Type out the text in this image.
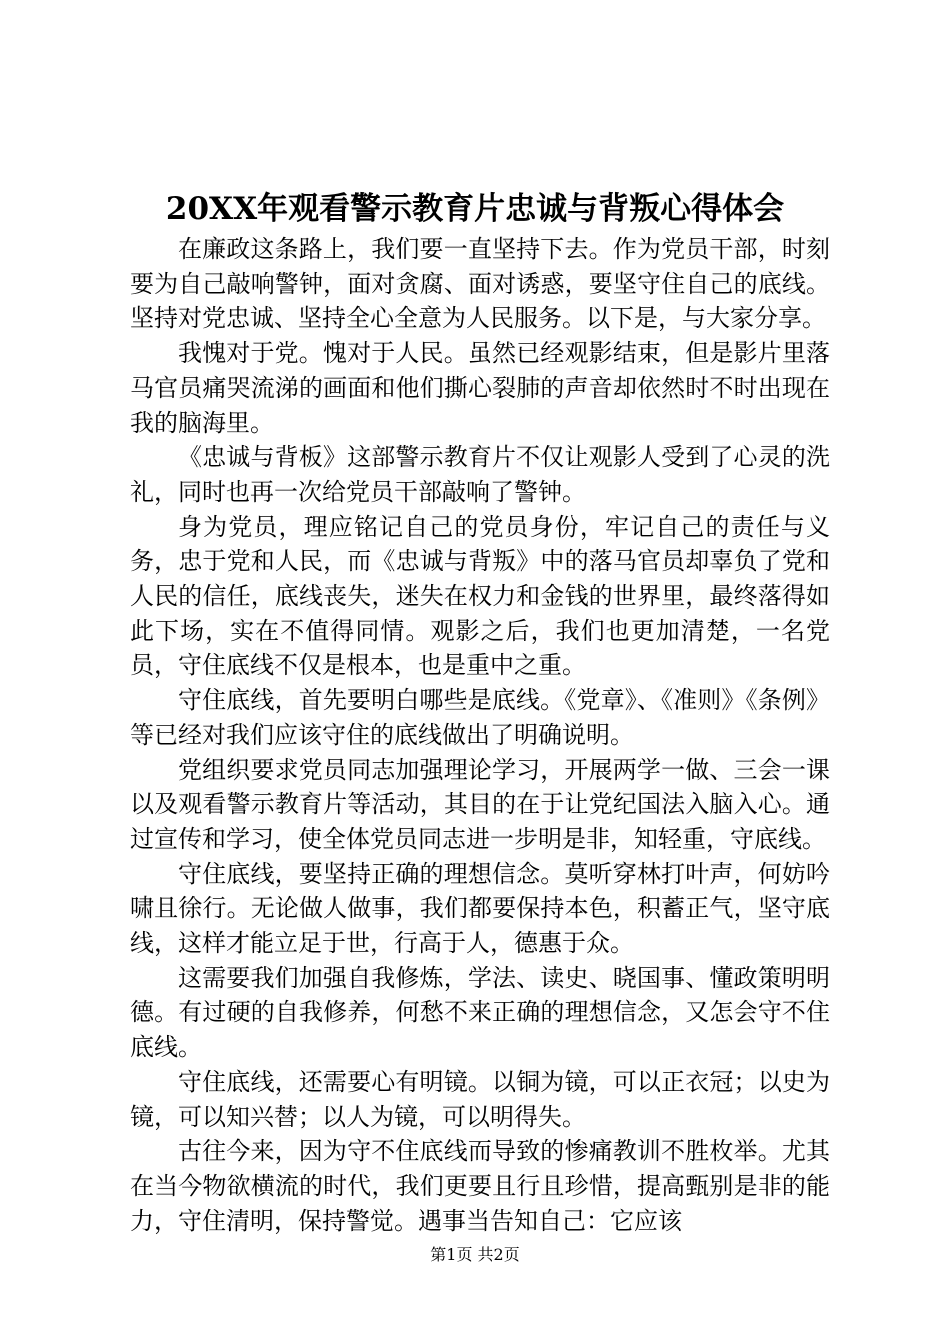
20XX年观看警示教育片忠诚与背叛心得体会

在廉政这条路上，我们要一直坚持下去。作为党员干部，时刻要为自己敲响警钟，面对贪腐、面对诱惑，要坚守住自己的底线。坚持对党忠诚、坚持全心全意为人民服务。以下是，与大家分享。

我愧对于党。愧对于人民。虽然已经观影结束，但是影片里落马官员痛哭流涕的画面和他们撕心裂肺的声音却依然时不时出现在我的脑海里。

《忠诚与背板》这部警示教育片不仅让观影人受到了心灵的洗礼，同时也再一次给党员干部敲响了警钟。

身为党员，理应铭记自己的党员身份，牢记自己的责任与义务，忠于党和人民，而《忠诚与背叛》中的落马官员却辜负了党和人民的信任，底线丧失，迷失在权力和金钱的世界里，最终落得如此下场，实在不值得同情。观影之后，我们也更加清楚，一名党员，守住底线不仅是根本，也是重中之重。

守住底线，首先要明白哪些是底线。《党章》、《准则》《条例》等已经对我们应该守住的底线做出了明确说明。

党组织要求党员同志加强理论学习，开展两学一做、三会一课以及观看警示教育片等活动，其目的在于让党纪国法入脑入心。通过宣传和学习，使全体党员同志进一步明是非，知轻重，守底线。

守住底线，要坚持正确的理想信念。莫听穿林打叶声，何妨吟啸且徐行。无论做人做事，我们都要保持本色，积蓄正气，坚守底线，这样才能立足于世，行高于人，德惠于众。

这需要我们加强自我修炼，学法、读史、晓国事、懂政策明明德。有过硬的自我修养，何愁不来正确的理想信念，又怎会守不住底线。

守住底线，还需要心有明镜。以铜为镜，可以正衣冠；以史为镜，可以知兴替；以人为镜，可以明得失。

古往今来，因为守不住底线而导致的惨痛教训不胜枚举。尤其在当今物欲横流的时代，我们更要且行且珍惜，提高甄别是非的能力，守住清明，保持警觉。遇事当告知自己：它应该

第1页 共2页
